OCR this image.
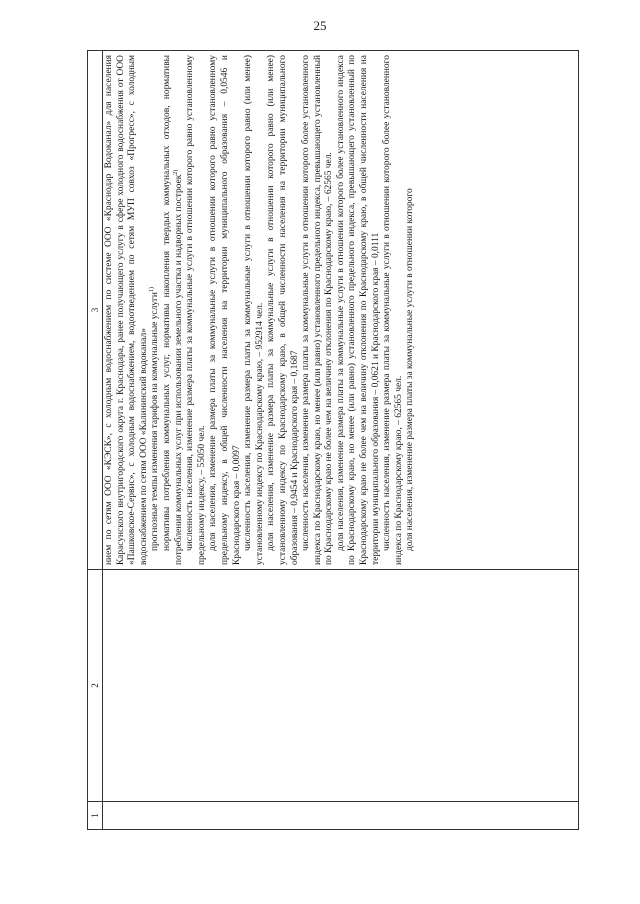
25
1
2
3 нием по сетям ООО «КЭСК», с холодным водоснабжением по системе ООО «Краснодар Водоканал» для населения Карасунского внутригородского округа г. Краснодара, ранее получающего услугу в сфере холодного водоснабжения от ООО «Пашковское-Сервис», с холодным водоснабжением, водоотведением по сетям МУП совхоз «Прогресс», с холодным водоснабжением по сетям ООО «Калининский водоканал» прогнозные темпы изменения тарифов на коммунальные услуги$^{1)}$ нормативы потребления коммунальных услуг, нормативы накопления твердых коммунальных отходов, нормативы потребления коммунальных услуг при использовании земельного участка и надворных построек$^{2)}$ численность населения, изменение размера платы за коммунальные услуги в отношении которого равно установленному предельному индексу, – 55050 чел. доля населения, изменение размера платы за коммунальные услуги в отношении которого равно установленному предельному индексу, в общей численности населения на территории муниципального образования – 0,0546 и Краснодарского края – 0,0097 численность населения, изменение размера платы за коммунальные услуги в отношении которого равно (или менее) установленному индексу по Краснодарскому краю, – 952914 чел. доля населения, изменение размера платы за коммунальные услуги в отношении которого равно (или менее) установленному индексу по Краснодарскому краю, в общей численности населения на территории муниципального образования – 0,9454 и Краснодарского края – 0,1687 численность населения, изменение размера платы за коммунальные услуги в отношении которого более установленного индекса по Краснодарскому краю, но менее (или равно) установленного предельного индекса, превышающего установленный по Краснодарскому краю не более чем на величину отклонения по Краснодарскому краю, – 62565 чел. доля населения, изменение размера платы за коммунальные услуги в отношении которого более установленного индекса по Краснодарскому краю, но менее (или равно) установленного предельного индекса, превышающего установленный по Краснодарскому краю не более чем на величину отклонения по Краснодарскому краю, в общей численности населения на территории муниципального образования – 0,0621 и Краснодарского края – 0,0111 численность населения, изменение размера платы за коммунальные услуги в отношении которого более установленного индекса по Краснодарскому краю, – 62565 чел. доля населения, изменение размера платы за коммунальные услуги в отношении которого
